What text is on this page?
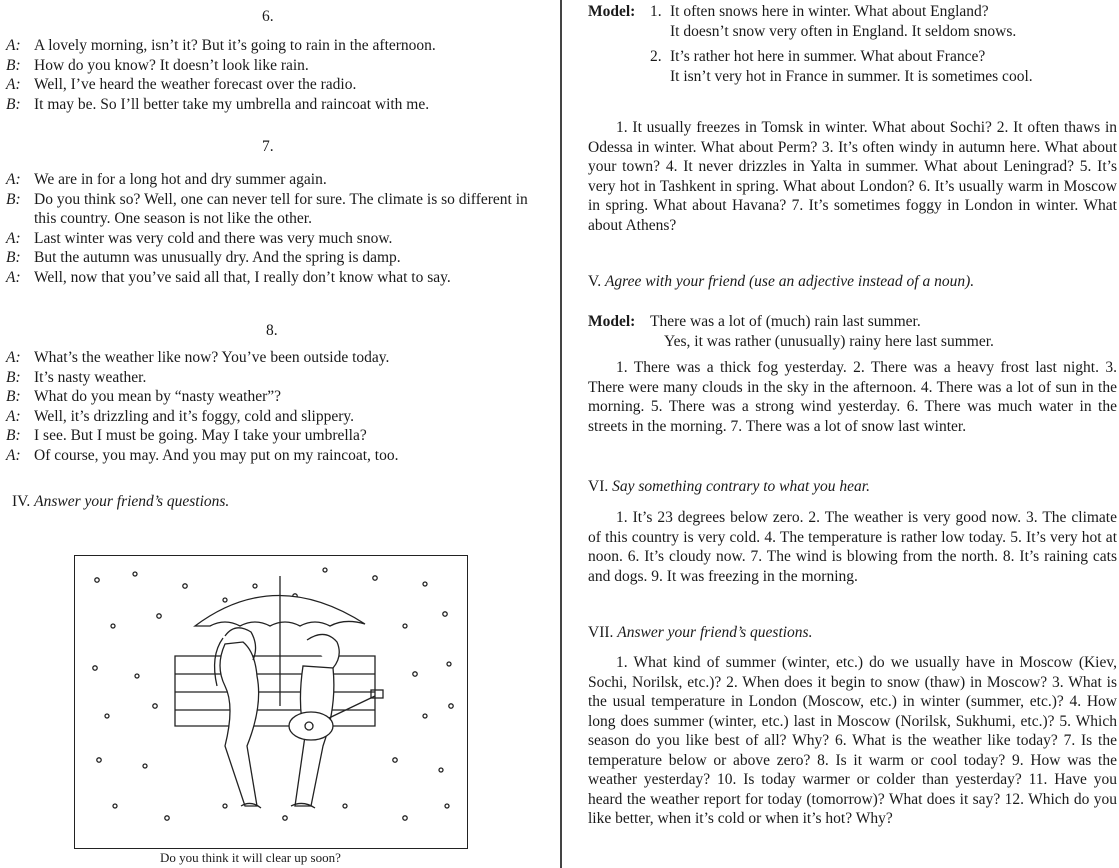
6.
A: A lovely morning, isn’t it? But it’s going to rain in the afternoon.
B: How do you know? It doesn’t look like rain.
A: Well, I’ve heard the weather forecast over the radio.
B: It may be. So I’ll better take my umbrella and raincoat with me.
7.
A: We are in for a long hot and dry summer again.
B: Do you think so? Well, one can never tell for sure. The climate is so different in this country. One season is not like the other.
A: Last winter was very cold and there was very much snow.
B: But the autumn was unusually dry. And the spring is damp.
A: Well, now that you’ve said all that, I really don’t know what to say.
8.
A: What’s the weather like now? You’ve been outside today.
B: It’s nasty weather.
B: What do you mean by “nasty weather”?
A: Well, it’s drizzling and it’s foggy, cold and slippery.
B: I see. But I must be going. May I take your umbrella?
A: Of course, you may. And you may put on my raincoat, too.
IV. Answer your friend’s questions.
Do you think it will clear up soon?
Model: 1. It often snows here in winter. What about England?
It doesn’t snow very often in England. It seldom snows.
2. It’s rather hot here in summer. What about France?
It isn’t very hot in France in summer. It is sometimes cool.
1. It usually freezes in Tomsk in winter. What about Sochi? 2. It often thaws in Odessa in winter. What about Perm? 3. It’s often windy in autumn here. What about your town? 4. It never drizzles in Yalta in summer. What about Leningrad? 5. It’s very hot in Tashkent in spring. What about London? 6. It’s usually warm in Moscow in spring. What about Havana? 7. It’s sometimes foggy in London in winter. What about Athens?
V. Agree with your friend (use an adjective instead of a noun).
Model: There was a lot of (much) rain last summer.
Yes, it was rather (unusually) rainy here last summer.
1. There was a thick fog yesterday. 2. There was a heavy frost last night. 3. There were many clouds in the sky in the afternoon. 4. There was a lot of sun in the morning. 5. There was a strong wind yesterday. 6. There was much water in the streets in the morning. 7. There was a lot of snow last winter.
VI. Say something contrary to what you hear.
1. It’s 23 degrees below zero. 2. The weather is very good now. 3. The climate of this country is very cold. 4. The temperature is rather low today. 5. It’s very hot at noon. 6. It’s cloudy now. 7. The wind is blowing from the north. 8. It’s raining cats and dogs. 9. It was freezing in the morning.
VII. Answer your friend’s questions.
1. What kind of summer (winter, etc.) do we usually have in Moscow (Kiev, Sochi, Norilsk, etc.)? 2. When does it begin to snow (thaw) in Moscow? 3. What is the usual temperature in London (Moscow, etc.) in winter (summer, etc.)? 4. How long does summer (winter, etc.) last in Moscow (Norilsk, Sukhumi, etc.)? 5. Which season do you like best of all? Why? 6. What is the weather like today? 7. Is the temperature below or above zero? 8. Is it warm or cool today? 9. How was the weather yesterday? 10. Is today warmer or colder than yesterday? 11. Have you heard the weather report for today (tomorrow)? What does it say? 12. Which do you like better, when it’s cold or when it’s hot? Why?
